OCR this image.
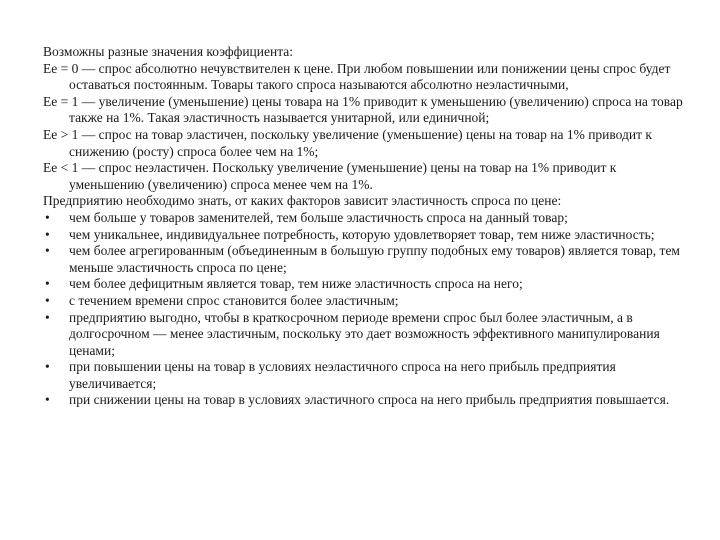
Возможны разные значения коэффициента:

Ее = 0 — спрос абсолютно нечувствителен к цене. При любом повышении или понижении цены спрос будет оставаться постоянным. Товары такого спроса называются абсолютно неэластичными,

Ее = 1 — увеличение (уменьшение) цены товара на 1% приводит к уменьшению (увеличению) спроса на товар также на 1%. Такая эластичность называется унитарной, или единичной;

Ее > 1 — спрос на товар эластичен, поскольку увеличение (уменьшение) цены на товар на 1% приводит к снижению (росту) спроса более чем на 1%;

Ее < 1 — спрос неэластичен. Поскольку увеличение (уменьшение) цены на товар на 1% приводит к уменьшению (увеличению) спроса менее чем на 1%.

Предприятию необходимо знать, от каких факторов зависит эластичность спроса по цене:

• чем больше у товаров заменителей, тем больше эластичность спроса на данный товар;
• чем уникальнее, индивидуальнее потребность, которую удовлетворяет товар, тем ниже эластичность;
• чем более агрегированным (объединенным в большую группу подобных ему товаров) является товар, тем меньше эластичность спроса по цене;
• чем более дефицитным является товар, тем ниже эластичность спроса на него;
• с течением времени спрос становится более эластичным;
• предприятию выгодно, чтобы в краткосрочном периоде времени спрос был более эластичным, а в долгосрочном — менее эластичным, поскольку это дает возможность эффективного манипулирования ценами;
• при повышении цены на товар в условиях неэластичного спроса на него прибыль предприятия увеличивается;
• при снижении цены на товар в условиях эластичного спроса на него прибыль предприятия повышается.
